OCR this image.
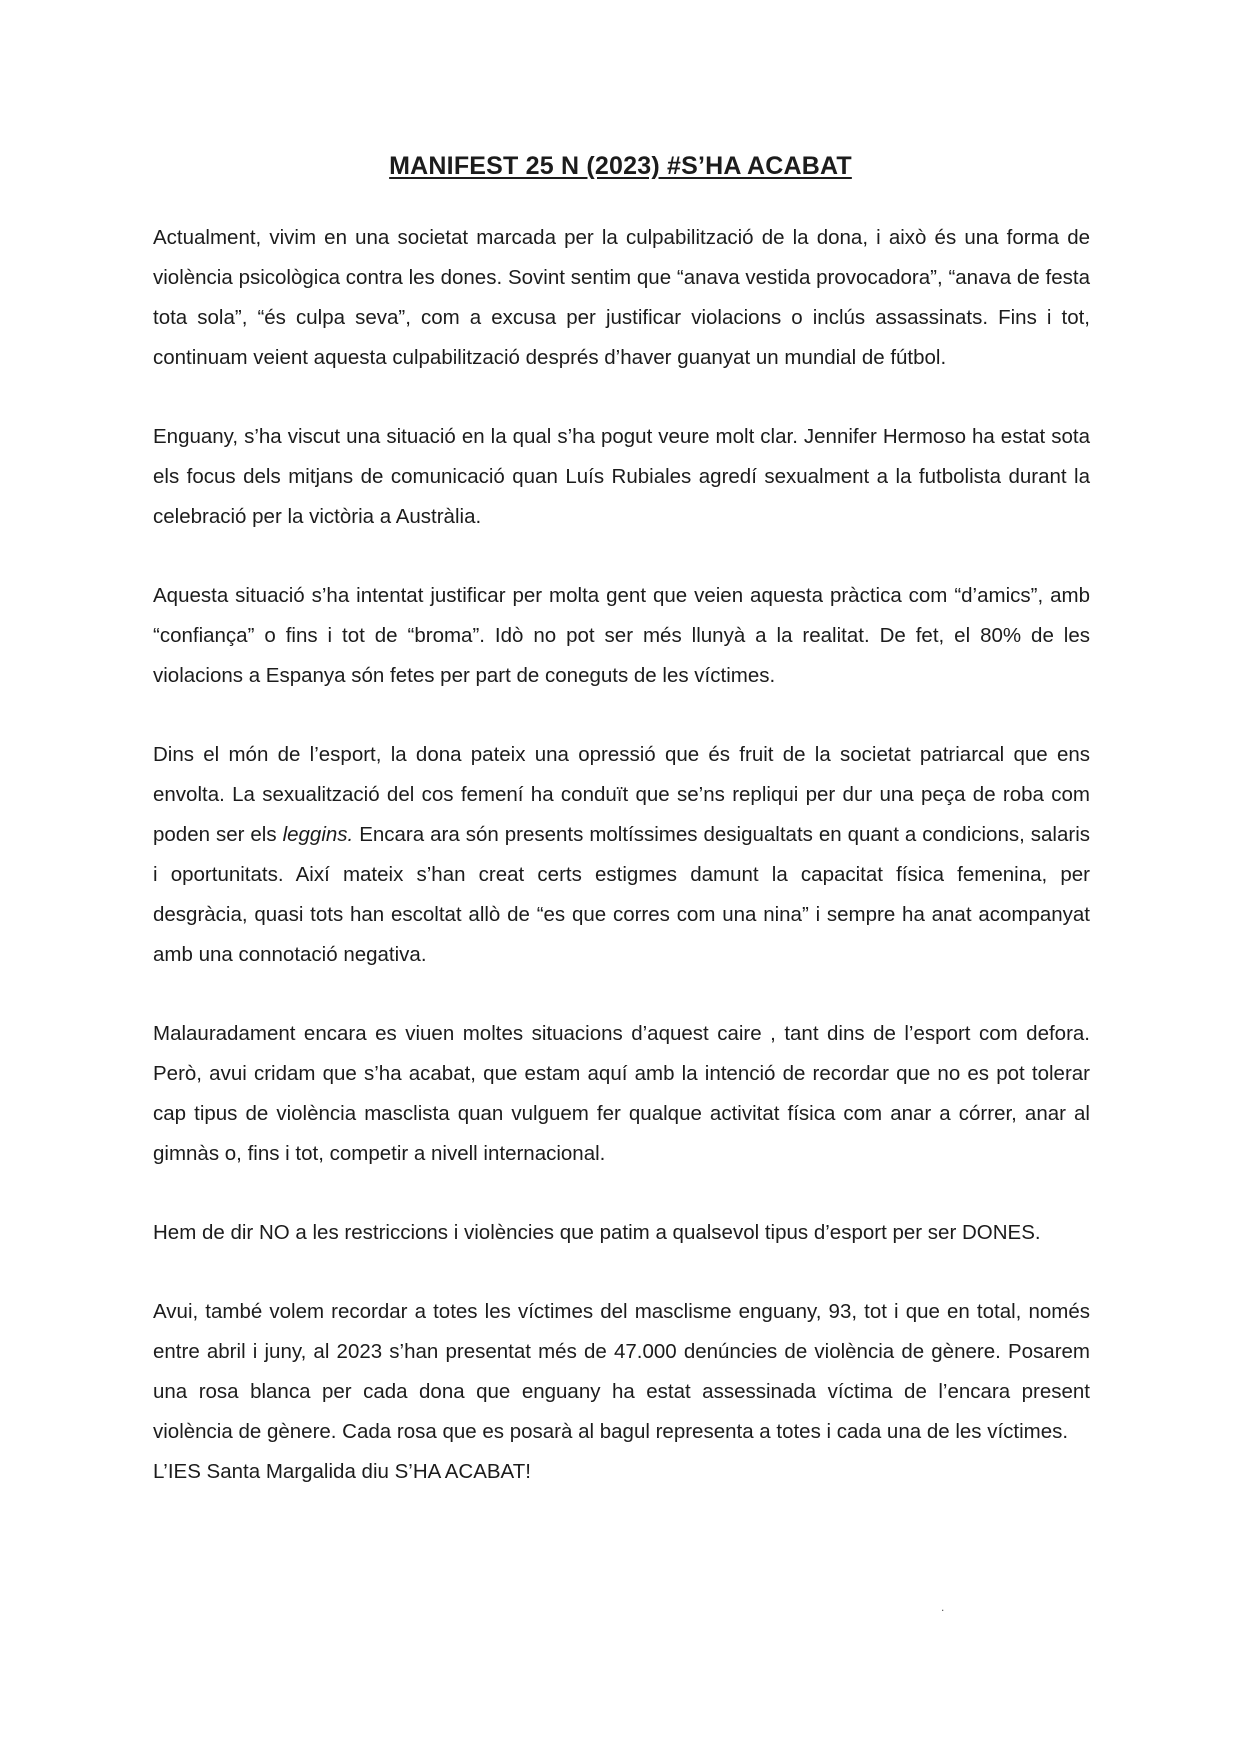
MANIFEST 25 N (2023) #S’HA ACABAT

Actualment, vivim en una societat marcada per la culpabilització de la dona, i això és una forma de violència psicològica contra les dones. Sovint sentim que “anava vestida provocadora”, “anava de festa tota sola”, “és culpa seva”, com a excusa per justificar violacions o inclús assassinats. Fins i tot, continuam veient aquesta culpabilització després d’haver guanyat un mundial de fútbol.

Enguany, s’ha viscut una situació en la qual s’ha pogut veure molt clar. Jennifer Hermoso ha estat sota els focus dels mitjans de comunicació quan Luís Rubiales agredí sexualment a la futbolista durant la celebració per la victòria a Austràlia.

Aquesta situació s’ha intentat justificar per molta gent que veien aquesta pràctica com “d’amics”, amb “confiança” o fins i tot de “broma”. Idò no pot ser més llunyà a la realitat. De fet, el 80% de les violacions a Espanya són fetes per part de coneguts de les víctimes.

Dins el món de l’esport, la dona pateix una opressió que és fruit de la societat patriarcal que ens envolta. La sexualització del cos femení ha conduït que se’ns repliqui per dur una peça de roba com poden ser els leggins. Encara ara són presents moltíssimes desigualtats en quant a condicions, salaris i oportunitats. Així mateix s’han creat certs estigmes damunt la capacitat física femenina, per desgràcia, quasi tots han escoltat allò de “es que corres com una nina” i sempre ha anat acompanyat amb una connotació negativa.

Malauradament encara es viuen moltes situacions d’aquest caire , tant dins de l’esport com defora. Però, avui cridam que s’ha acabat, que estam aquí amb la intenció de recordar que no es pot tolerar cap tipus de violència masclista quan vulguem fer qualque activitat física com anar a córrer, anar al gimnàs o, fins i tot, competir a nivell internacional.

Hem de dir NO a les restriccions i violències que patim a qualsevol tipus d’esport per ser DONES.

Avui, també volem recordar a totes les víctimes del masclisme enguany, 93, tot i que en total, només entre abril i juny, al 2023 s’han presentat més de 47.000 denúncies de violència de gènere. Posarem una rosa blanca per cada dona que enguany ha estat assessinada víctima de l’encara present violència de gènere. Cada rosa que es posarà al bagul representa a totes i cada una de les víctimes.

L’IES Santa Margalida diu S’HA ACABAT!

.
